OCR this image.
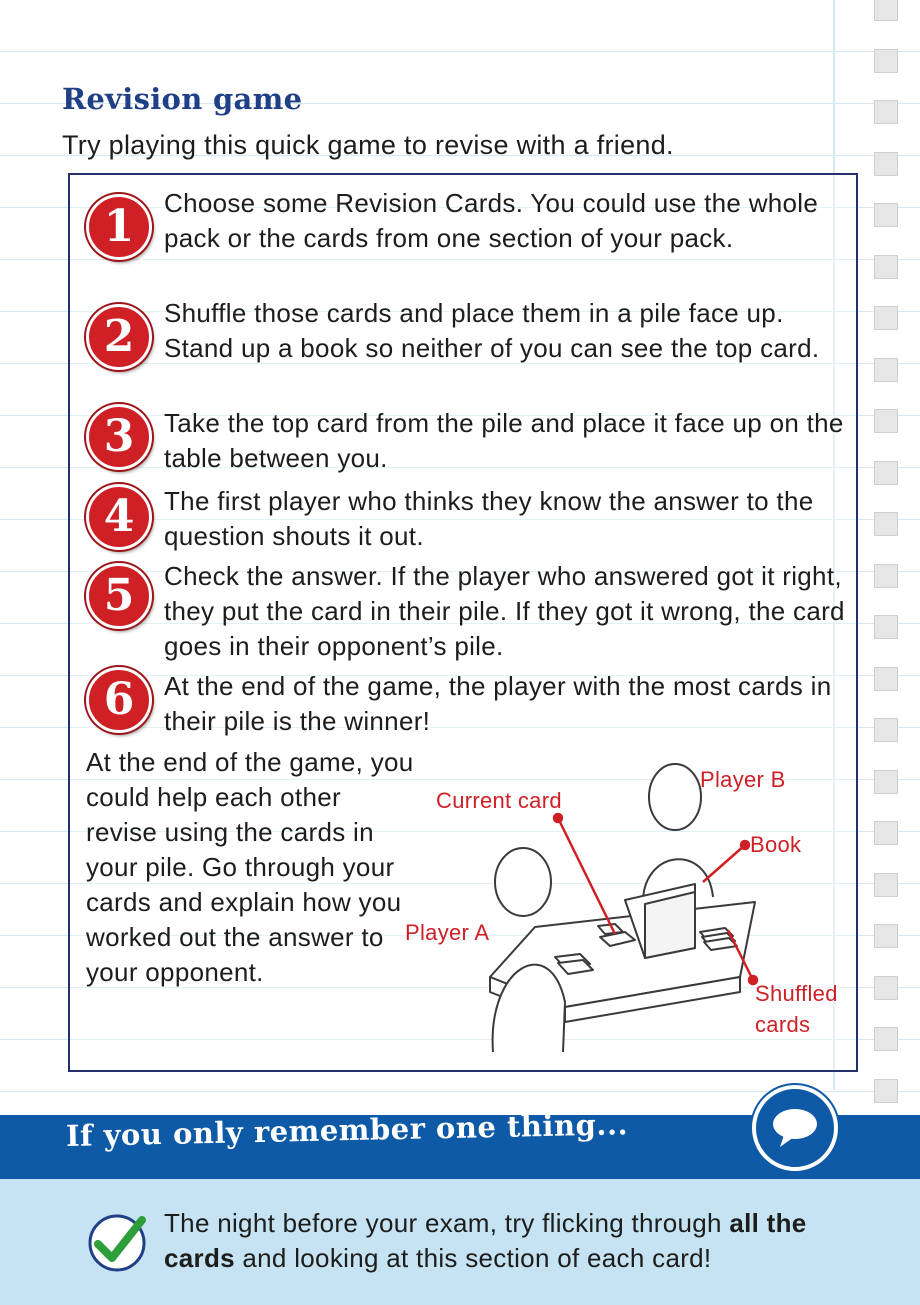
Revision game
Try playing this quick game to revise with a friend.
1	Choose some Revision Cards. You could use the whole pack or the cards from one section of your pack.
2	Shuffle those cards and place them in a pile face up. Stand up a book so neither of you can see the top card.
3	Take the top card from the pile and place it face up on the table between you.
4	The first player who thinks they know the answer to the question shouts it out.
5	Check the answer. If the player who answered got it right, they put the card in their pile. If they got it wrong, the card goes in their opponent’s pile.
6	At the end of the game, the player with the most cards in their pile is the winner!
At the end of the game, you could help each other revise using the cards in your pile. Go through your cards and explain how you worked out the answer to your opponent.
Player B
Current card
Book
Player A
Shuffled
cards
If you only remember one thing...
The night before your exam, try flicking through all the cards and looking at this section of each card!
